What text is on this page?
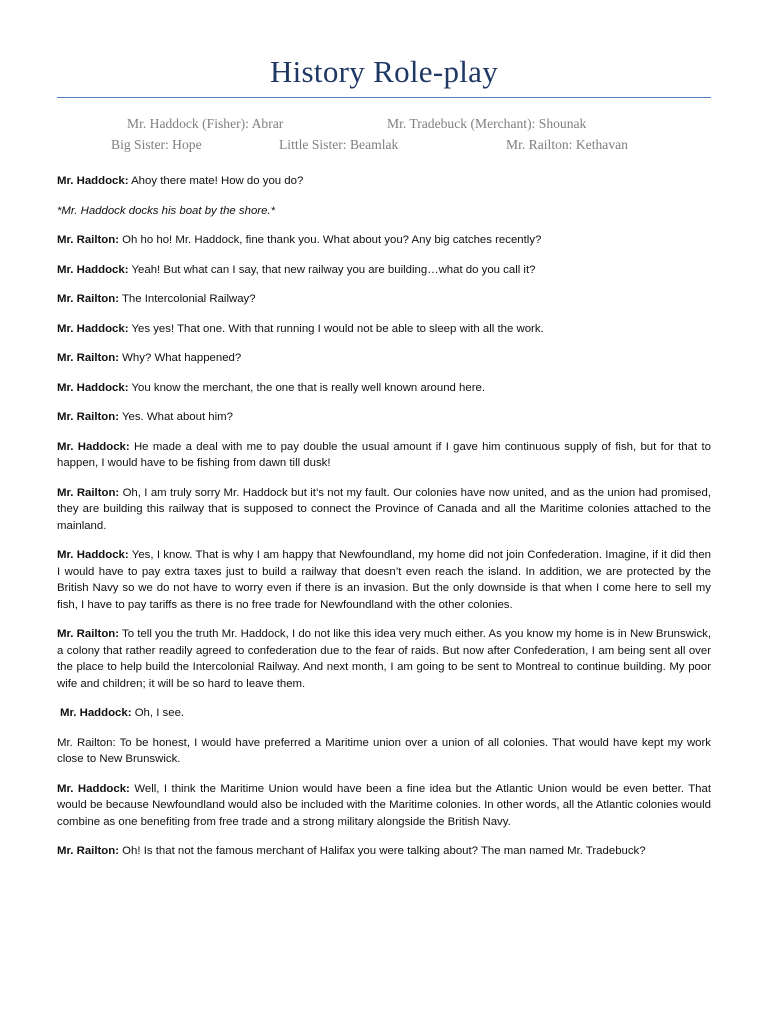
History Role-play
Mr. Haddock (Fisher): Abrar	Mr. Tradebuck (Merchant): Shounak
Big Sister: Hope	Little Sister: Beamlak	Mr. Railton: Kethavan

Mr. Haddock: Ahoy there mate! How do you do?

*Mr. Haddock docks his boat by the shore.*

Mr. Railton: Oh ho ho! Mr. Haddock, fine thank you. What about you? Any big catches recently?

Mr. Haddock: Yeah! But what can I say, that new railway you are building…what do you call it?

Mr. Railton: The Intercolonial Railway?

Mr. Haddock: Yes yes! That one. With that running I would not be able to sleep with all the work.

Mr. Railton: Why? What happened?

Mr. Haddock: You know the merchant, the one that is really well known around here.

Mr. Railton: Yes. What about him?

Mr. Haddock: He made a deal with me to pay double the usual amount if I gave him continuous supply of fish, but for that to happen, I would have to be fishing from dawn till dusk!

Mr. Railton: Oh, I am truly sorry Mr. Haddock but it’s not my fault. Our colonies have now united, and as the union had promised, they are building this railway that is supposed to connect the Province of Canada and all the Maritime colonies attached to the mainland.

Mr. Haddock: Yes, I know. That is why I am happy that Newfoundland, my home did not join Confederation. Imagine, if it did then I would have to pay extra taxes just to build a railway that doesn’t even reach the island. In addition, we are protected by the British Navy so we do not have to worry even if there is an invasion. But the only downside is that when I come here to sell my fish, I have to pay tariffs as there is no free trade for Newfoundland with the other colonies.

Mr. Railton: To tell you the truth Mr. Haddock, I do not like this idea very much either. As you know my home is in New Brunswick, a colony that rather readily agreed to confederation due to the fear of raids. But now after Confederation, I am being sent all over the place to help build the Intercolonial Railway. And next month, I am going to be sent to Montreal to continue building. My poor wife and children; it will be so hard to leave them.

Mr. Haddock: Oh, I see.

Mr. Railton: To be honest, I would have preferred a Maritime union over a union of all colonies. That would have kept my work close to New Brunswick.

Mr. Haddock: Well, I think the Maritime Union would have been a fine idea but the Atlantic Union would be even better. That would be because Newfoundland would also be included with the Maritime colonies. In other words, all the Atlantic colonies would combine as one benefiting from free trade and a strong military alongside the British Navy.

Mr. Railton: Oh! Is that not the famous merchant of Halifax you were talking about? The man named Mr. Tradebuck?
